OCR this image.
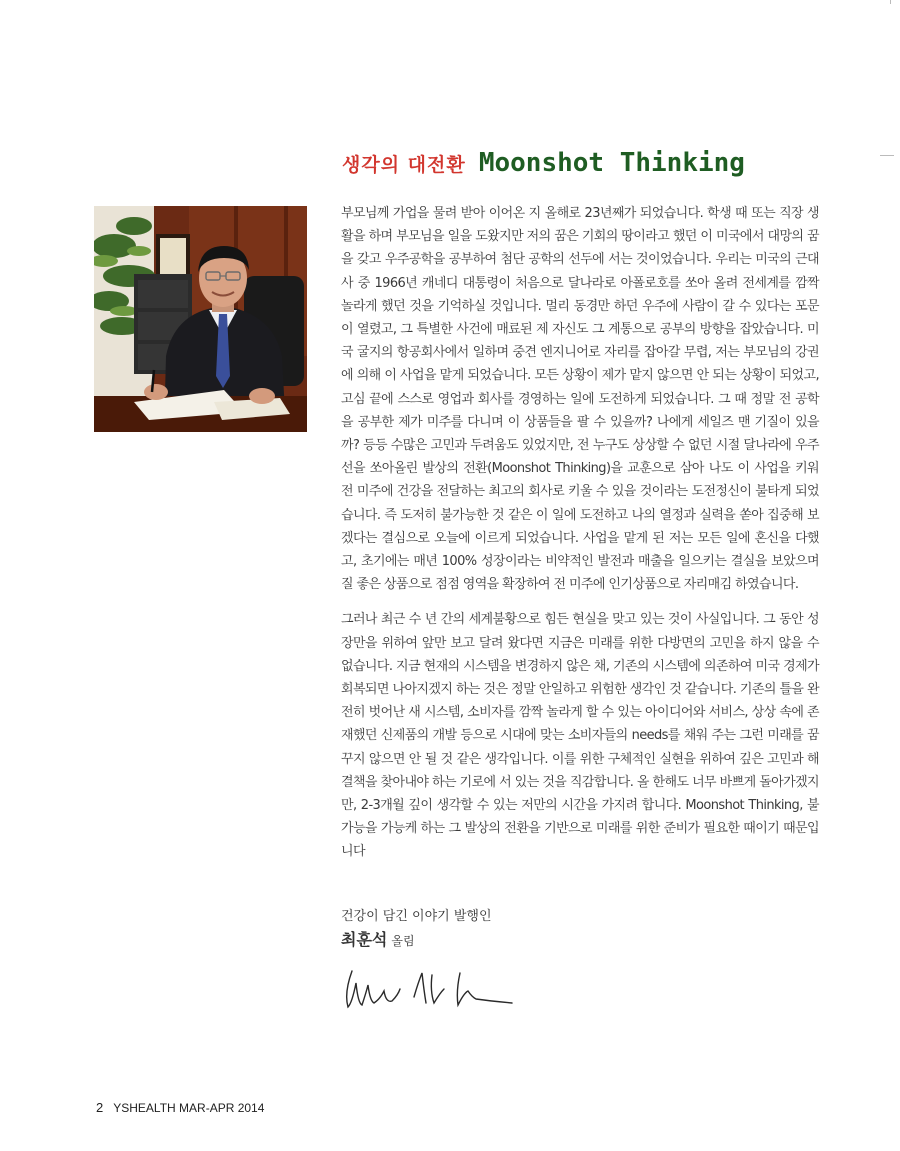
생각의 대전환 Moonshot Thinking

부모님께 가업을 물려 받아 이어온 지 올해로 23년째가 되었습니다. 학생 때 또는 직장 생활을 하며 부모님을 일을 도왔지만 저의 꿈은 기회의 땅이라고 했던 이 미국에서 대망의 꿈을 갖고 우주공학을 공부하여 첨단 공학의 선두에 서는 것이었습니다. 우리는 미국의 근대사 중 1966년 캐네디 대통령이 처음으로 달나라로 아폴로호를 쏘아 올려 전세계를 깜짝 놀라게 했던 것을 기억하실 것입니다. 멀리 동경만 하던 우주에 사람이 갈 수 있다는 포문이 열렸고, 그 특별한 사건에 매료된 제 자신도 그 계통으로 공부의 방향을 잡았습니다. 미국 굴지의 항공회사에서 일하며 중견 엔지니어로 자리를 잡아갈 무렵, 저는 부모님의 강권에 의해 이 사업을 맡게 되었습니다. 모든 상황이 제가 맡지 않으면 안 되는 상황이 되었고, 고심 끝에 스스로 영업과 회사를 경영하는 일에 도전하게 되었습니다. 그 때 정말 전 공학을 공부한 제가 미주를 다니며 이 상품들을 팔 수 있을까? 나에게 세일즈 맨 기질이 있을까? 등등 수많은 고민과 두려움도 있었지만, 전 누구도 상상할 수 없던 시절 달나라에 우주선을 쏘아올린 발상의 전환(Moonshot Thinking)을 교훈으로 삼아 나도 이 사업을 키워 전 미주에 건강을 전달하는 최고의 회사로 키울 수 있을 것이라는 도전정신이 불타게 되었습니다. 즉 도저히 불가능한 것 같은 이 일에 도전하고 나의 열정과 실력을 쏟아 집중해 보겠다는 결심으로 오늘에 이르게 되었습니다. 사업을 맡게 된 저는 모든 일에 혼신을 다했고, 초기에는 매년 100% 성장이라는 비약적인 발전과 매출을 일으키는 결실을 보았으며 질 좋은 상품으로 점점 영역을 확장하여 전 미주에 인기상품으로 자리매김 하였습니다.

그러나 최근 수 년 간의 세계불황으로 힘든 현실을 맞고 있는 것이 사실입니다. 그 동안 성장만을 위하여 앞만 보고 달려 왔다면 지금은 미래를 위한 다방면의 고민을 하지 않을 수 없습니다. 지금 현재의 시스템을 변경하지 않은 채, 기존의 시스템에 의존하여 미국 경제가 회복되면 나아지겠지 하는 것은 정말 안일하고 위험한 생각인 것 같습니다. 기존의 틀을 완전히 벗어난 새 시스템, 소비자를 깜짝 놀라게 할 수 있는 아이디어와 서비스, 상상 속에 존재했던 신제품의 개발 등으로 시대에 맞는 소비자들의 needs를 채워 주는 그런 미래를 꿈꾸지 않으면 안 될 것 같은 생각입니다. 이를 위한 구체적인 실현을 위하여 깊은 고민과 해결책을 찾아내야 하는 기로에 서 있는 것을 직감합니다. 올 한해도 너무 바쁘게 돌아가겠지만, 2-3개월 깊이 생각할 수 있는 저만의 시간을 가지려 합니다. Moonshot Thinking, 불가능을 가능케 하는 그 발상의 전환을 기반으로 미래를 위한 준비가 필요한 때이기 때문입니다

건강이 담긴 이야기 발행인
최훈석 올림
2 YSHEALTH MAR-APR 2014
